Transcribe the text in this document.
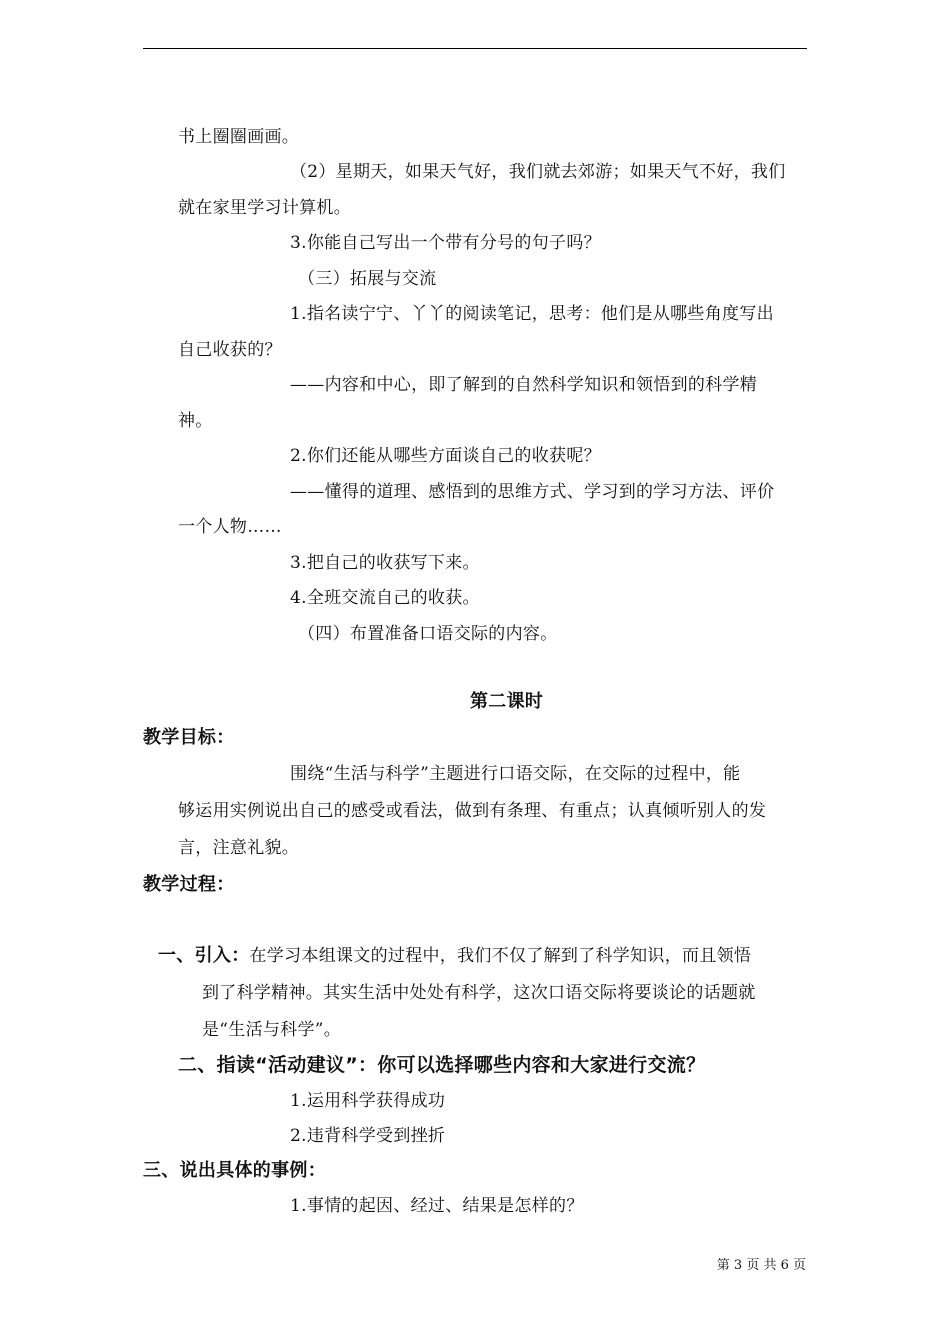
书上圈圈画画。
（2）星期天，如果天气好，我们就去郊游；如果天气不好，我们
就在家里学习计算机。
3.你能自己写出一个带有分号的句子吗？
（三）拓展与交流
1.指名读宁宁、丫丫的阅读笔记，思考：他们是从哪些角度写出
自己收获的？
——内容和中心，即了解到的自然科学知识和领悟到的科学精
神。
2.你们还能从哪些方面谈自己的收获呢？
——懂得的道理、感悟到的思维方式、学习到的学习方法、评价
一个人物……
3.把自己的收获写下来。
4.全班交流自己的收获。
（四）布置准备口语交际的内容。
第二课时
教学目标：
围绕“生活与科学”主题进行口语交际，在交际的过程中，能
够运用实例说出自己的感受或看法，做到有条理、有重点；认真倾听别人的发
言，注意礼貌。
教学过程：
一、引入：在学习本组课文的过程中，我们不仅了解到了科学知识，而且领悟
到了科学精神。其实生活中处处有科学，这次口语交际将要谈论的话题就
是“生活与科学”。
二、指读“活动建议”：你可以选择哪些内容和大家进行交流？
1.运用科学获得成功
2.违背科学受到挫折
三、说出具体的事例：
1.事情的起因、经过、结果是怎样的？
第 3 页 共 6 页
